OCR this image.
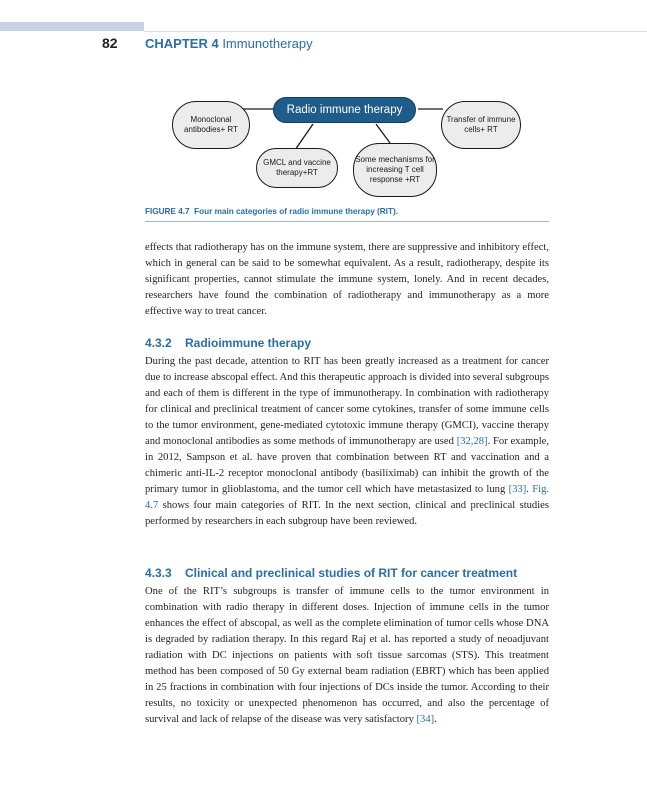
82 CHAPTER 4 Immunotherapy
Radio immune therapy
Monoclonal antibodies+ RT
Transfer of immune cells+ RT
GMCL and vaccine therapy+RT
Some mechanisms for increasing T cell response +RT
FIGURE 4.7 Four main categories of radio immune therapy (RIT).

effects that radiotherapy has on the immune system, there are suppressive and inhibitory effect, which in general can be said to be somewhat equivalent. As a result, radiotherapy, despite its significant properties, cannot stimulate the immune system, lonely. And in recent decades, researchers have found the combination of radiotherapy and immunotherapy as a more effective way to treat cancer.

4.3.2 Radioimmune therapy

During the past decade, attention to RIT has been greatly increased as a treatment for cancer due to increase abscopal effect. And this therapeutic approach is divided into several subgroups and each of them is different in the type of immunotherapy. In combination with radiotherapy for clinical and preclinical treatment of cancer some cytokines, transfer of some immune cells to the tumor environment, gene-mediated cytotoxic immune therapy (GMCI), vaccine therapy and monoclonal antibodies as some methods of immunotherapy are used [32,28]. For example, in 2012, Sampson et al. have proven that combination between RT and vaccination and a chimeric anti-IL-2 receptor monoclonal antibody (basiliximab) can inhibit the growth of the primary tumor in glioblastoma, and the tumor cell which have metastasized to lung [33]. Fig. 4.7 shows four main categories of RIT. In the next section, clinical and preclinical studies performed by researchers in each subgroup have been reviewed.

4.3.3 Clinical and preclinical studies of RIT for cancer treatment

One of the RIT’s subgroups is transfer of immune cells to the tumor environment in combination with radio therapy in different doses. Injection of immune cells in the tumor enhances the effect of abscopal, as well as the complete elimination of tumor cells whose DNA is degraded by radiation therapy. In this regard Raj et al. has reported a study of neoadjuvant radiation with DC injections on patients with soft tissue sarcomas (STS). This treatment method has been composed of 50 Gy external beam radiation (EBRT) which has been applied in 25 fractions in combination with four injections of DCs inside the tumor. According to their results, no toxicity or unexpected phenomenon has occurred, and also the percentage of survival and lack of relapse of the disease was very satisfactory [34].
